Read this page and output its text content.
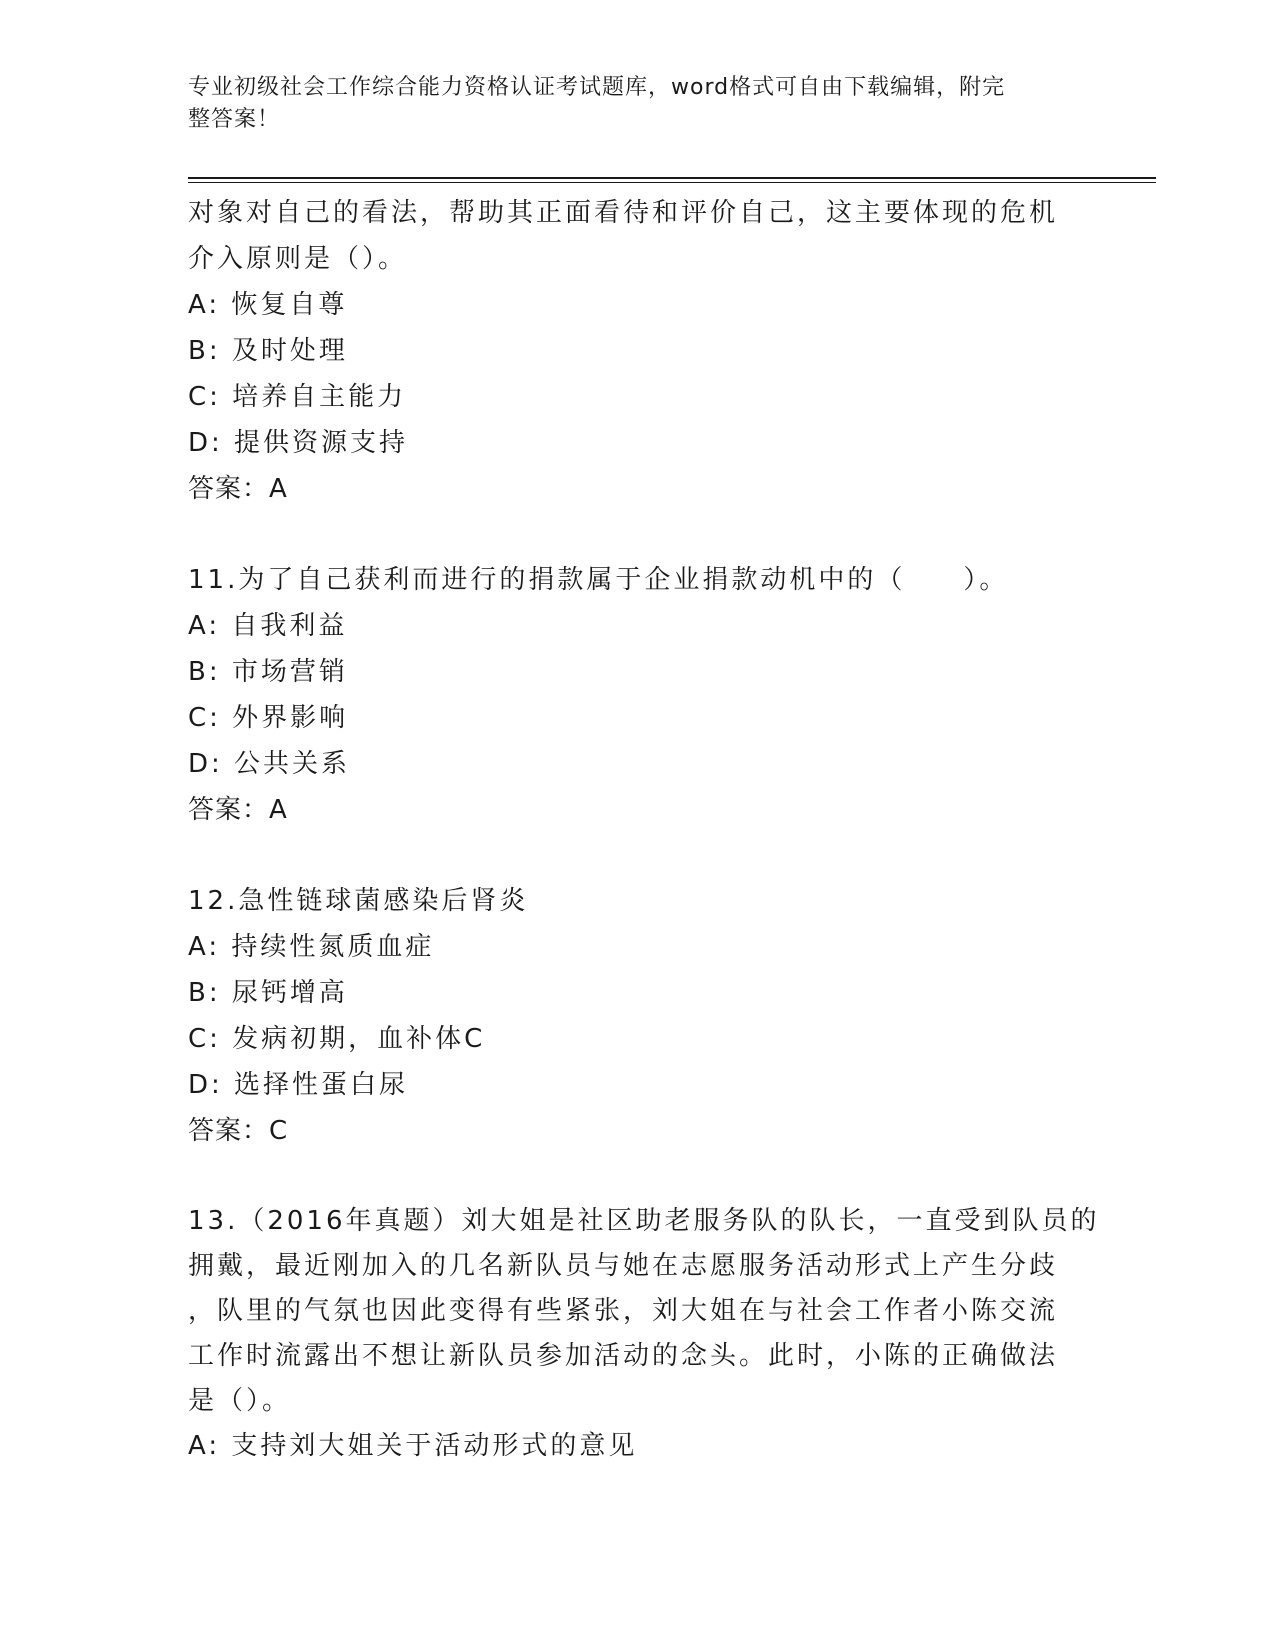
专业初级社会工作综合能力资格认证考试题库，word格式可自由下载编辑，附完
整答案！
对象对自己的看法，帮助其正面看待和评价自己，这主要体现的危机
介入原则是（）。
A: 恢复自尊
B: 及时处理
C: 培养自主能力
D: 提供资源支持
答案：A
11.为了自己获利而进行的捐款属于企业捐款动机中的（　　）。
A: 自我利益
B: 市场营销
C: 外界影响
D: 公共关系
答案：A
12.急性链球菌感染后肾炎
A: 持续性氮质血症
B: 尿钙增高
C: 发病初期，血补体C
D: 选择性蛋白尿
答案：C
13.（2016年真题）刘大姐是社区助老服务队的队长，一直受到队员的
拥戴，最近刚加入的几名新队员与她在志愿服务活动形式上产生分歧
，队里的气氛也因此变得有些紧张，刘大姐在与社会工作者小陈交流
工作时流露出不想让新队员参加活动的念头。此时，小陈的正确做法
是（）。
A: 支持刘大姐关于活动形式的意见
